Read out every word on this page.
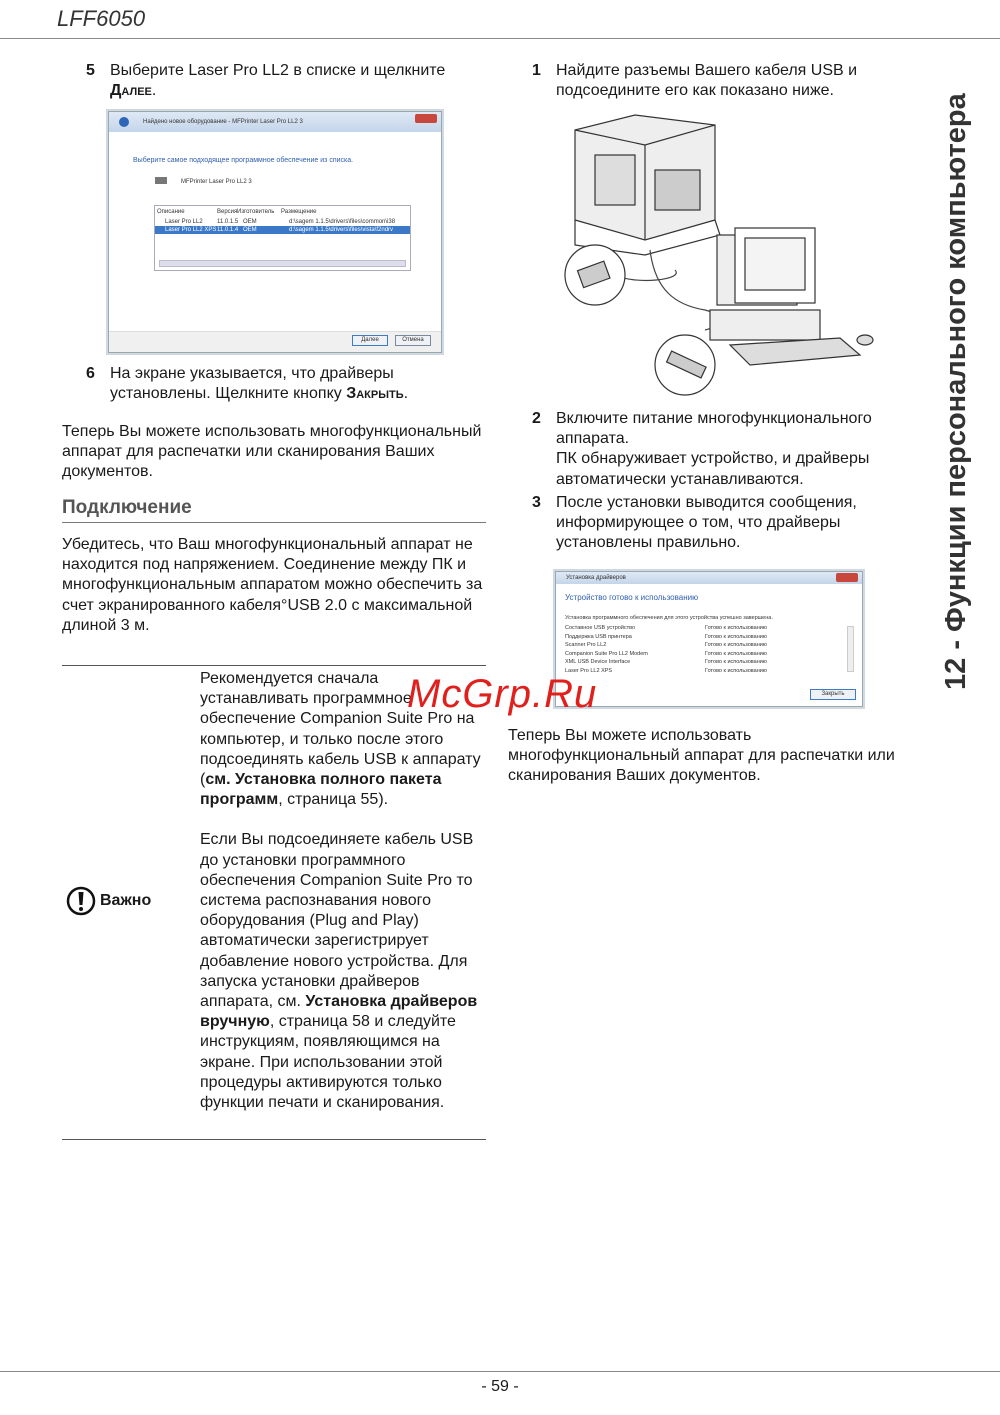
LFF6050
12 - Функции персонального компьютера
5 Выберите Laser Pro LL2 в списке и щелкните Далее.
Найдено новое оборудование - MFPrinter Laser Pro LL2 3
Выберите самое подходящее программное обеспечение из списка.
MFPrinter Laser Pro LL2 3
Описание	Версия Изготовитель	Размещение
Laser Pro LL2	11.0.1.5 OEM	d:\sagem 1.1.5\drivers\files\common\i38
Laser Pro LL2 XPS 11.0.1.4 OEM	d:\sagem 1.1.5\drivers\files\vista\f2ndrv
Далее	Отмена
6 На экране указывается, что драйверы установлены. Щелкните кнопку Закрыть.
Теперь Вы можете использовать многофункциональный аппарат для распечатки или сканирования Ваших документов.
Подключение
Убедитесь, что Ваш многофункциональный аппарат не находится под напряжением. Соединение между ПК и многофункциональным аппаратом можно обеспечить за счет экранированного кабеля°USB 2.0 с максимальной длиной 3 м.
Важно
Рекомендуется сначала устанавливать программное обеспечение Companion Suite Pro на компьютер, и только после этого подсоединять кабель USB к аппарату (см. Установка полного пакета программ, страница 55).
Если Вы подсоединяете кабель USB до установки программного обеспечения Companion Suite Pro то система распознавания нового оборудования (Plug and Play) автоматически зарегистрирует добавление нового устройства. Для запуска установки драйверов аппарата, см. Установка драйверов вручную, страница 58 и следуйте инструкциям, появляющимся на экране. При использовании этой процедуры активируются только функции печати и сканирования.
1 Найдите разъемы Вашего кабеля USB и подсоедините его как показано ниже.
2 Включите питание многофункционального аппарата.
ПК обнаруживает устройство, и драйверы автоматически устанавливаются.
3 После установки выводится сообщения, информирующее о том, что драйверы установлены правильно.
Установка драйверов
Устройство готово к использованию
Установка программного обеспечения для этого устройства успешно завершена.
Составное USB устройство	Готово к использованию
Поддержка USB принтера	Готово к использованию
Scanner Pro LL2	Готово к использованию
Companion Suite Pro LL2 Modem	Готово к использованию
XML USB Device Interface	Готово к использованию
Laser Pro LL2 XPS	Готово к использованию
Закрыть
Теперь Вы можете использовать многофункциональный аппарат для распечатки или сканирования Ваших документов.
McGrp.Ru
- 59 -
